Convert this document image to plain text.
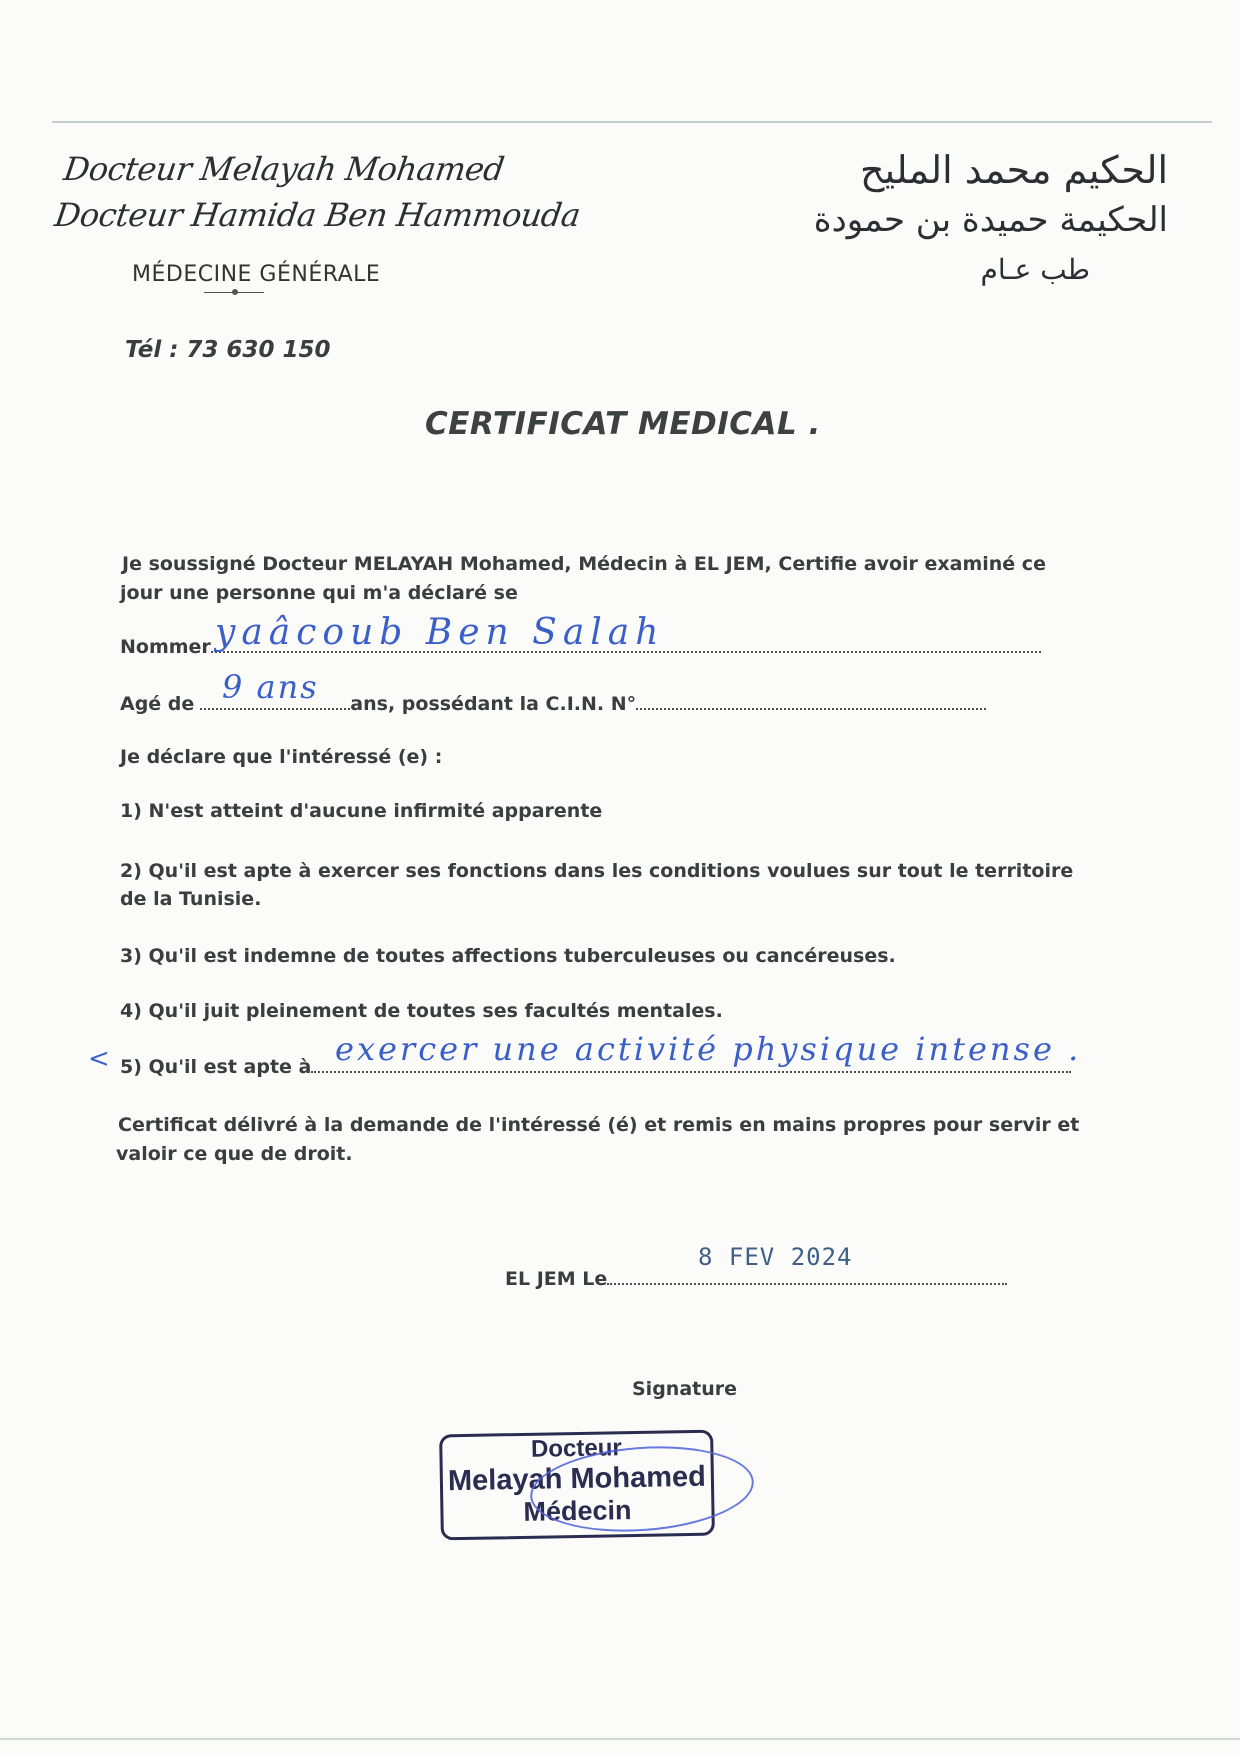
Docteur Melayah Mohamed
Docteur Hamida Ben Hammouda
MÉDECINE GÉNÉRALE
الحكيم محمد المليح
الحكيمة حميدة بن حمودة
طب عـام
Tél : 73 630 150
CERTIFICAT MEDICAL .
Je soussigné Docteur MELAYAH Mohamed, Médecin à EL JEM, Certifie avoir examiné ce
jour une personne qui m'a déclaré se
Nommer yaâcoub Ben Salah
Agé de	ans, possédant la C.I.N. N°
9 ans
Je déclare que l'intéressé (e) :
1) N'est atteint d'aucune infirmité apparente
2) Qu'il est apte à exercer ses fonctions dans les conditions voulues sur tout le territoire
de la Tunisie.
3) Qu'il est indemne de toutes affections tuberculeuses ou cancéreuses.
4) Qu'il juit pleinement de toutes ses facultés mentales.
< 5) Qu'il est apte à exercer une activité physique intense .
Certificat délivré à la demande de l'intéressé (é) et remis en mains propres pour servir et
valoir ce que de droit.
EL JEM Le
8 FEV 2024
Signature
Docteur
Melayah Mohamed
Médecin
